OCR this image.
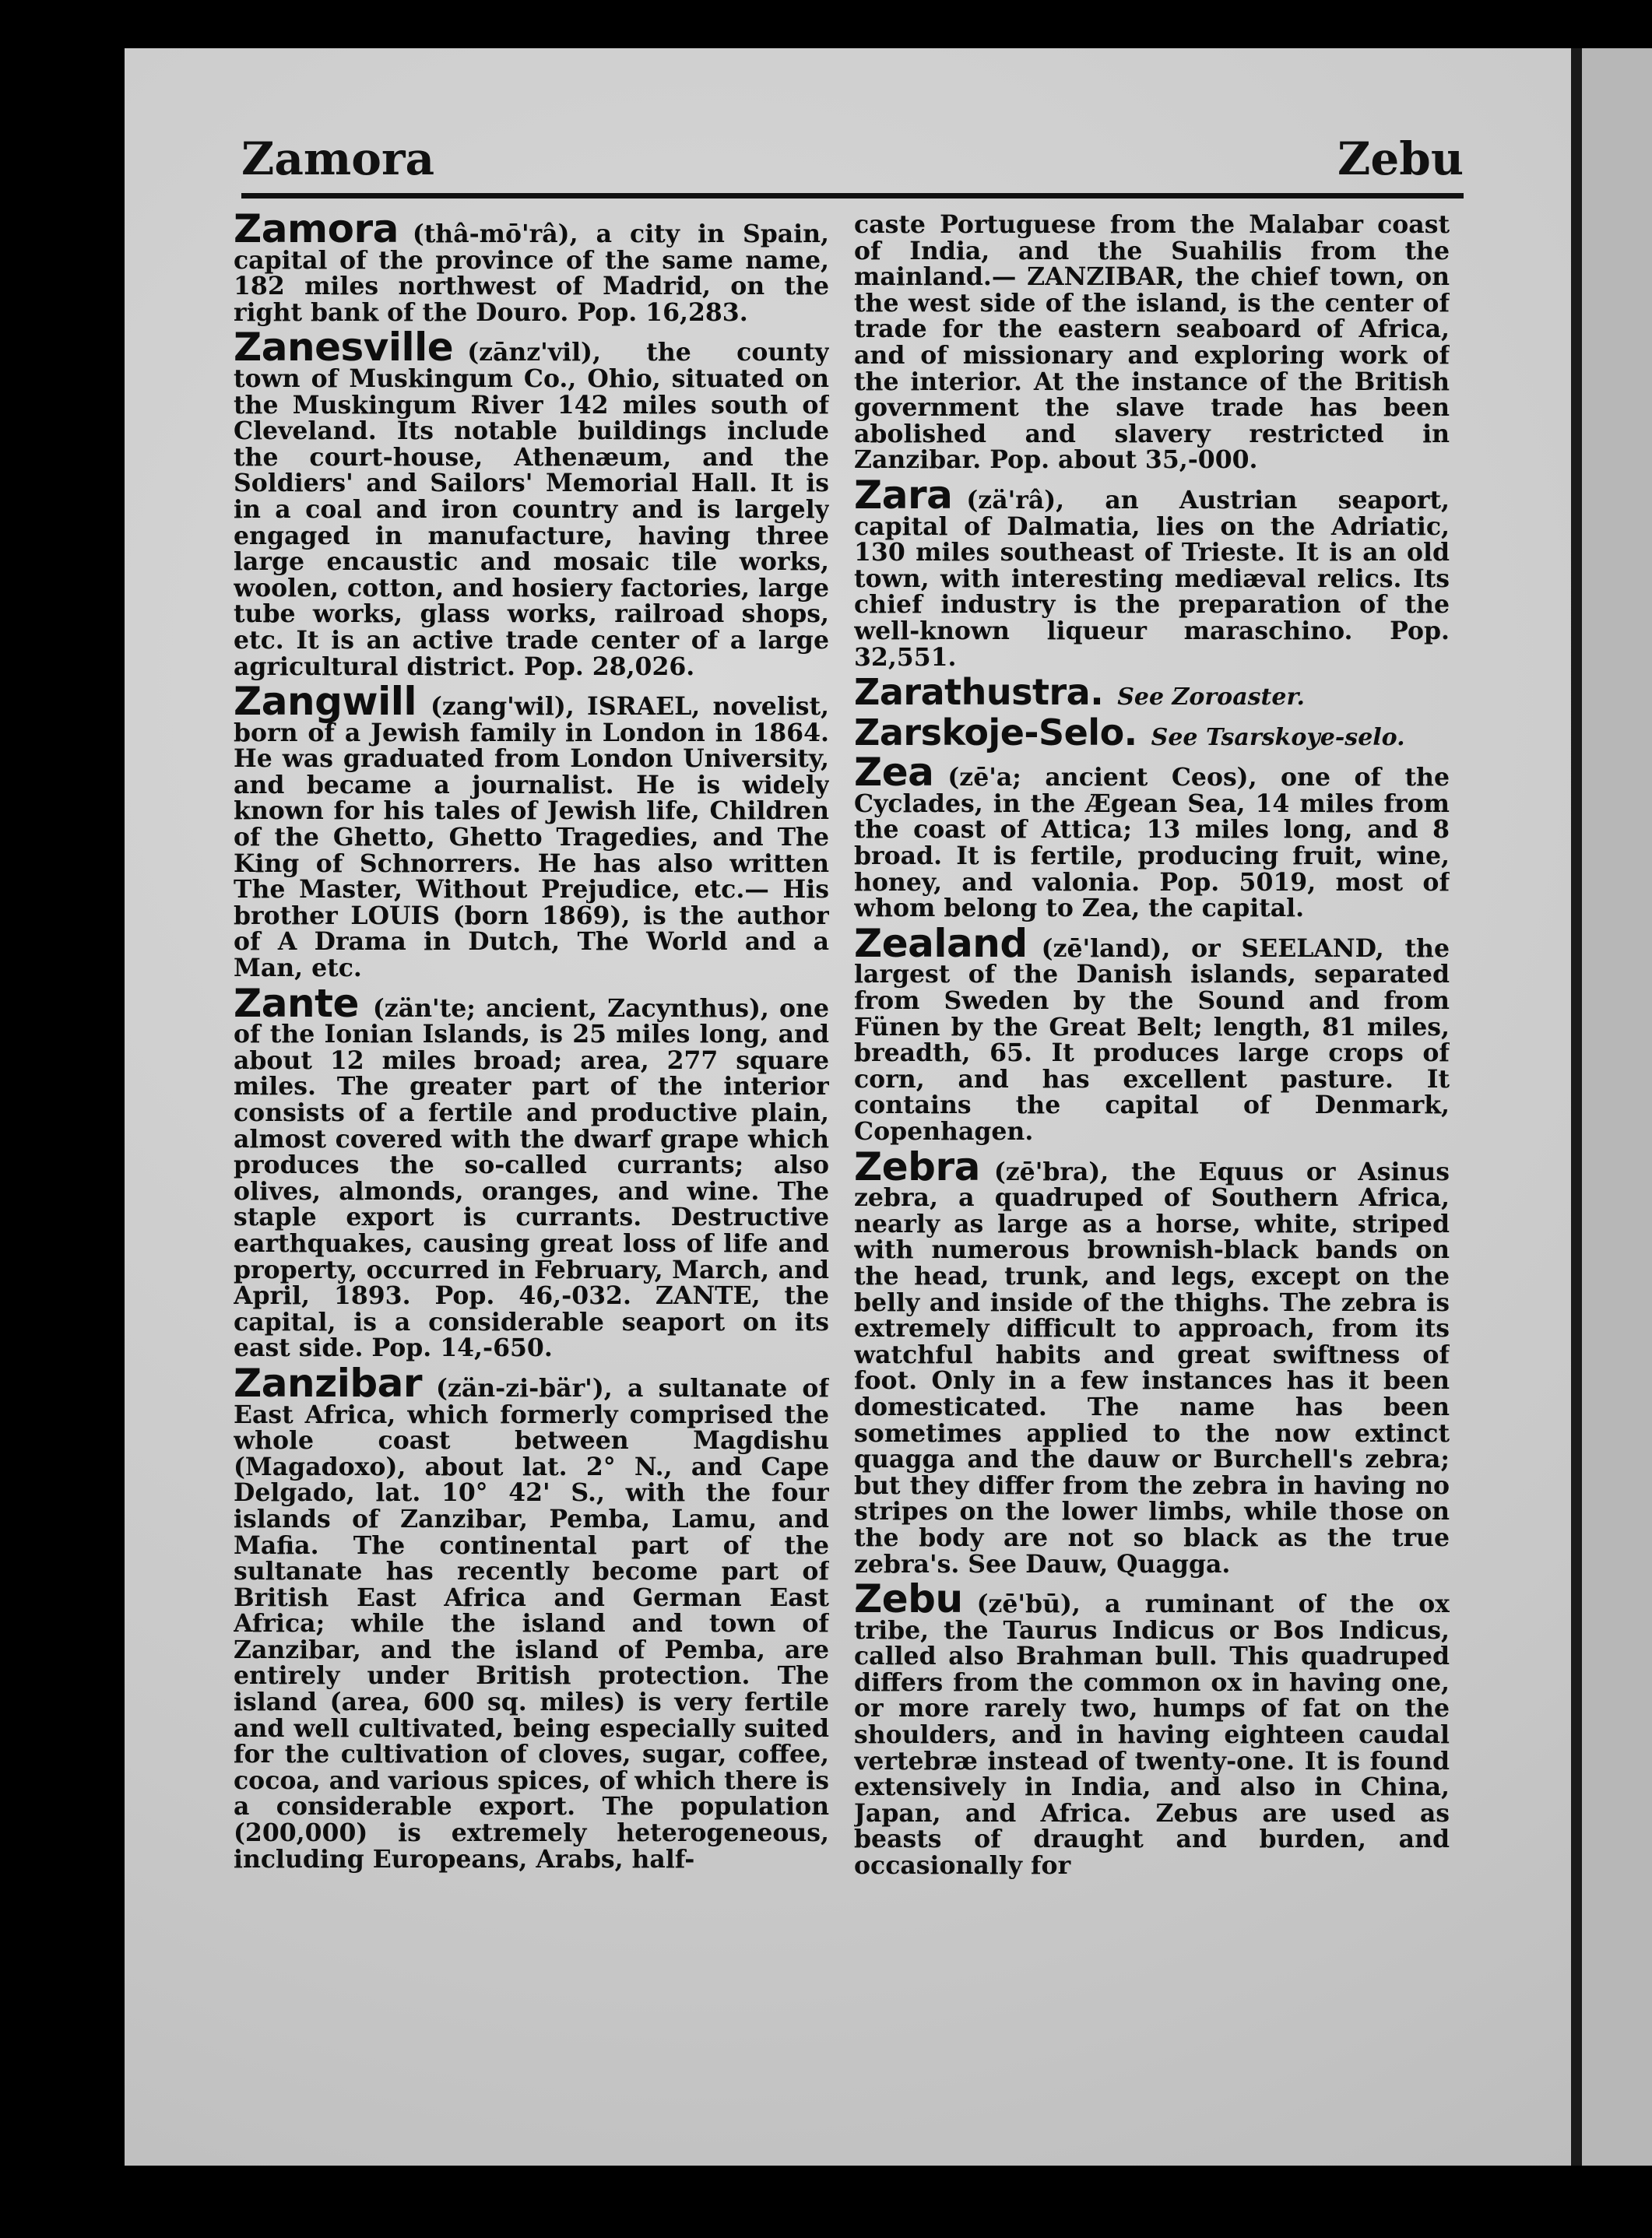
Zamora	Zebu

Zamora (thâ-mō'râ), a city in Spain, capital of the province of the same name, 182 miles northwest of Madrid, on the right bank of the Douro. Pop. 16,283.

Zanesville (zānz'vil), the county town of Muskingum Co., Ohio, situated on the Muskingum River 142 miles south of Cleveland. Its notable buildings include the court-house, Athenæum, and the Soldiers' and Sailors' Memorial Hall. It is in a coal and iron country and is largely engaged in manufacture, having three large encaustic and mosaic tile works, woolen, cotton, and hosiery factories, large tube works, glass works, railroad shops, etc. It is an active trade center of a large agricultural district. Pop. 28,026.

Zangwill (zang'wil), ISRAEL, novelist, born of a Jewish family in London in 1864. He was graduated from London University, and became a journalist. He is widely known for his tales of Jewish life, Children of the Ghetto, Ghetto Tragedies, and The King of Schnorrers. He has also written The Master, Without Prejudice, etc.— His brother LOUIS (born 1869), is the author of A Drama in Dutch, The World and a Man, etc.

Zante (zän'te; ancient, Zacynthus), one of the Ionian Islands, is 25 miles long, and about 12 miles broad; area, 277 square miles. The greater part of the interior consists of a fertile and productive plain, almost covered with the dwarf grape which produces the so-called currants; also olives, almonds, oranges, and wine. The staple export is currants. Destructive earthquakes, causing great loss of life and property, occurred in February, March, and April, 1893. Pop. 46,-032. ZANTE, the capital, is a considerable seaport on its east side. Pop. 14,-650.

Zanzibar (zän-zi-bär'), a sultanate of East Africa, which formerly comprised the whole coast between Magdishu (Magadoxo), about lat. 2° N., and Cape Delgado, lat. 10° 42' S., with the four islands of Zanzibar, Pemba, Lamu, and Mafia. The continental part of the sultanate has recently become part of British East Africa and German East Africa; while the island and town of Zanzibar, and the island of Pemba, are entirely under British protection. The island (area, 600 sq. miles) is very fertile and well cultivated, being especially suited for the cultivation of cloves, sugar, coffee, cocoa, and various spices, of which there is a considerable export. The population (200,000) is extremely heterogeneous, including Europeans, Arabs, half-

caste Portuguese from the Malabar coast of India, and the Suahilis from the mainland.— ZANZIBAR, the chief town, on the west side of the island, is the center of trade for the eastern seaboard of Africa, and of missionary and exploring work of the interior. At the instance of the British government the slave trade has been abolished and slavery restricted in Zanzibar. Pop. about 35,-000.

Zara (zä'râ), an Austrian seaport, capital of Dalmatia, lies on the Adriatic, 130 miles southeast of Trieste. It is an old town, with interesting mediæval relics. Its chief industry is the preparation of the well-known liqueur maraschino. Pop. 32,551.

Zarathustra. See Zoroaster.

Zarskoje-Selo. See Tsarskoye-selo.

Zea (zē'a; ancient Ceos), one of the Cyclades, in the Ægean Sea, 14 miles from the coast of Attica; 13 miles long, and 8 broad. It is fertile, producing fruit, wine, honey, and valonia. Pop. 5019, most of whom belong to Zea, the capital.

Zealand (zē'land), or SEELAND, the largest of the Danish islands, separated from Sweden by the Sound and from Fünen by the Great Belt; length, 81 miles, breadth, 65. It produces large crops of corn, and has excellent pasture. It contains the capital of Denmark, Copenhagen.

Zebra (zē'bra), the Equus or Asinus zebra, a quadruped of Southern Africa, nearly as large as a horse, white, striped with numerous brownish-black bands on the head, trunk, and legs, except on the belly and inside of the thighs. The zebra is extremely difficult to approach, from its watchful habits and great swiftness of foot. Only in a few instances has it been domesticated. The name has been sometimes applied to the now extinct quagga and the dauw or Burchell's zebra; but they differ from the zebra in having no stripes on the lower limbs, while those on the body are not so black as the true zebra's. See Dauw, Quagga.

Zebu (zē'bū), a ruminant of the ox tribe, the Taurus Indicus or Bos Indicus, called also Brahman bull. This quadruped differs from the common ox in having one, or more rarely two, humps of fat on the shoulders, and in having eighteen caudal vertebræ instead of twenty-one. It is found extensively in India, and also in China, Japan, and Africa. Zebus are used as beasts of draught and burden, and occasionally for
